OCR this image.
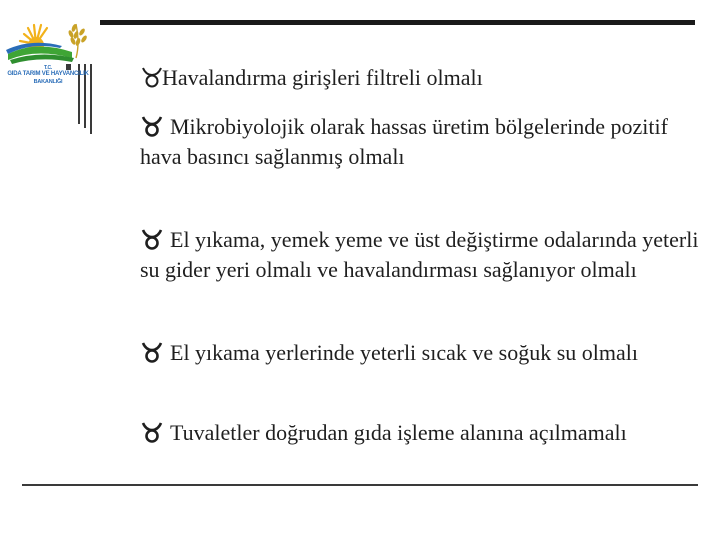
T.C.
GIDA TARIM VE HAYVANCILIK
BAKANLIĞI	Havalandırma girişleri filtreli olmalı
Mikrobiyolojik olarak hassas üretim bölgelerinde pozitif hava basıncı sağlanmış olmalı
El yıkama, yemek yeme ve üst değiştirme odalarında yeterli su gider yeri olmalı ve havalandırması sağlanıyor olmalı
El yıkama yerlerinde yeterli sıcak ve soğuk su olmalı
Tuvaletler doğrudan gıda işleme alanına açılmamalı
